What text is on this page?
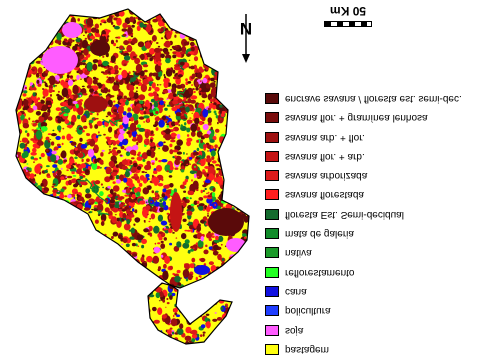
N
50 Km
encrave savana / floresta est. semi-dec.
savana flor. + gramínea lenhosa
savana arb. + flor.
savana flor. + arb.
savana arborizada
savana florestada
floresta Est. Semi-decidual
mata de galeria
nativa
reflorestamento
cana
policultura
soja
pastagem
